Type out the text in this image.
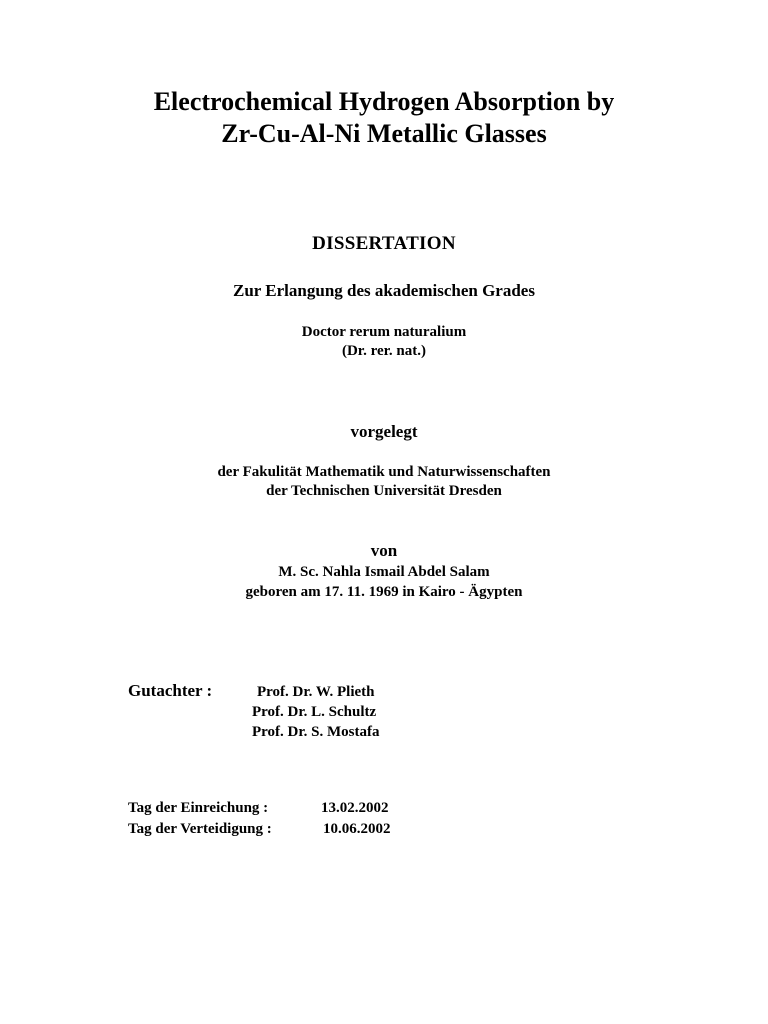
Electrochemical Hydrogen Absorption by
Zr-Cu-Al-Ni Metallic Glasses
DISSERTATION
Zur Erlangung des akademischen Grades
Doctor rerum naturalium
(Dr. rer. nat.)
vorgelegt
der Fakulität Mathematik und Naturwissenschaften
der Technischen Universität Dresden
von
M. Sc. Nahla Ismail Abdel Salam
geboren am 17. 11. 1969 in Kairo - Ägypten
Gutachter :	Prof. Dr. W. Plieth
Prof. Dr. L. Schultz
Prof. Dr. S. Mostafa
Tag der Einreichung :	13.02.2002
Tag der Verteidigung :	10.06.2002
